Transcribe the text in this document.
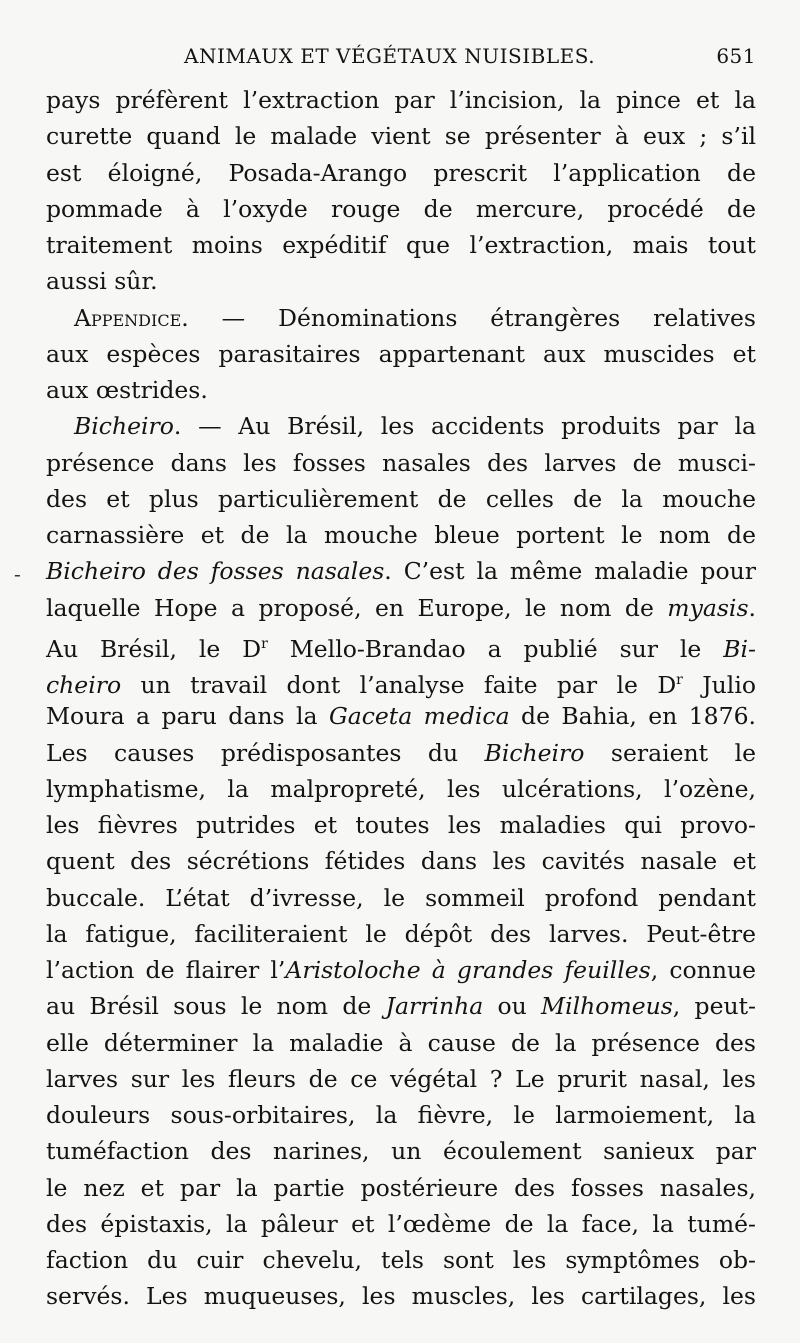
ANIMAUX ET VÉGÉTAUX NUISIBLES.	651
-
pays préfèrent l’extraction par l’incision, la pince et la
curette quand le malade vient se présenter à eux ; s’il
est éloigné, Posada-Arango prescrit l’application de
pommade à l’oxyde rouge de mercure, procédé de
traitement moins expéditif que l’extraction, mais tout
aussi sûr.
Appendice. — Dénominations étrangères relatives
aux espèces parasitaires appartenant aux muscides et
aux œstrides.
Bicheiro. — Au Brésil, les accidents produits par la
présence dans les fosses nasales des larves de musci-
des et plus particulièrement de celles de la mouche
carnassière et de la mouche bleue portent le nom de
Bicheiro des fosses nasales. C’est la même maladie pour
laquelle Hope a proposé, en Europe, le nom de myasis.
Au Brésil, le $D^r$ Mello-Brandao a publié sur le Bi-
cheiro un travail dont l’analyse faite par le $D^r$ Julio
Moura a paru dans la Gaceta medica de Bahia, en 1876.
Les causes prédisposantes du Bicheiro seraient le
lymphatisme, la malpropreté, les ulcérations, l’ozène,
les fièvres putrides et toutes les maladies qui provo-
quent des sécrétions fétides dans les cavités nasale et
buccale. L’état d’ivresse, le sommeil profond pendant
la fatigue, faciliteraient le dépôt des larves. Peut-être
l’action de flairer l’Aristoloche à grandes feuilles, connue
au Brésil sous le nom de Jarrinha ou Milhomeus, peut-
elle déterminer la maladie à cause de la présence des
larves sur les fleurs de ce végétal ? Le prurit nasal, les
douleurs sous-orbitaires, la fièvre, le larmoiement, la
tuméfaction des narines, un écoulement sanieux par
le nez et par la partie postérieure des fosses nasales,
des épistaxis, la pâleur et l’œdème de la face, la tumé-
faction du cuir chevelu, tels sont les symptômes ob-
servés. Les muqueuses, les muscles, les cartilages, les
